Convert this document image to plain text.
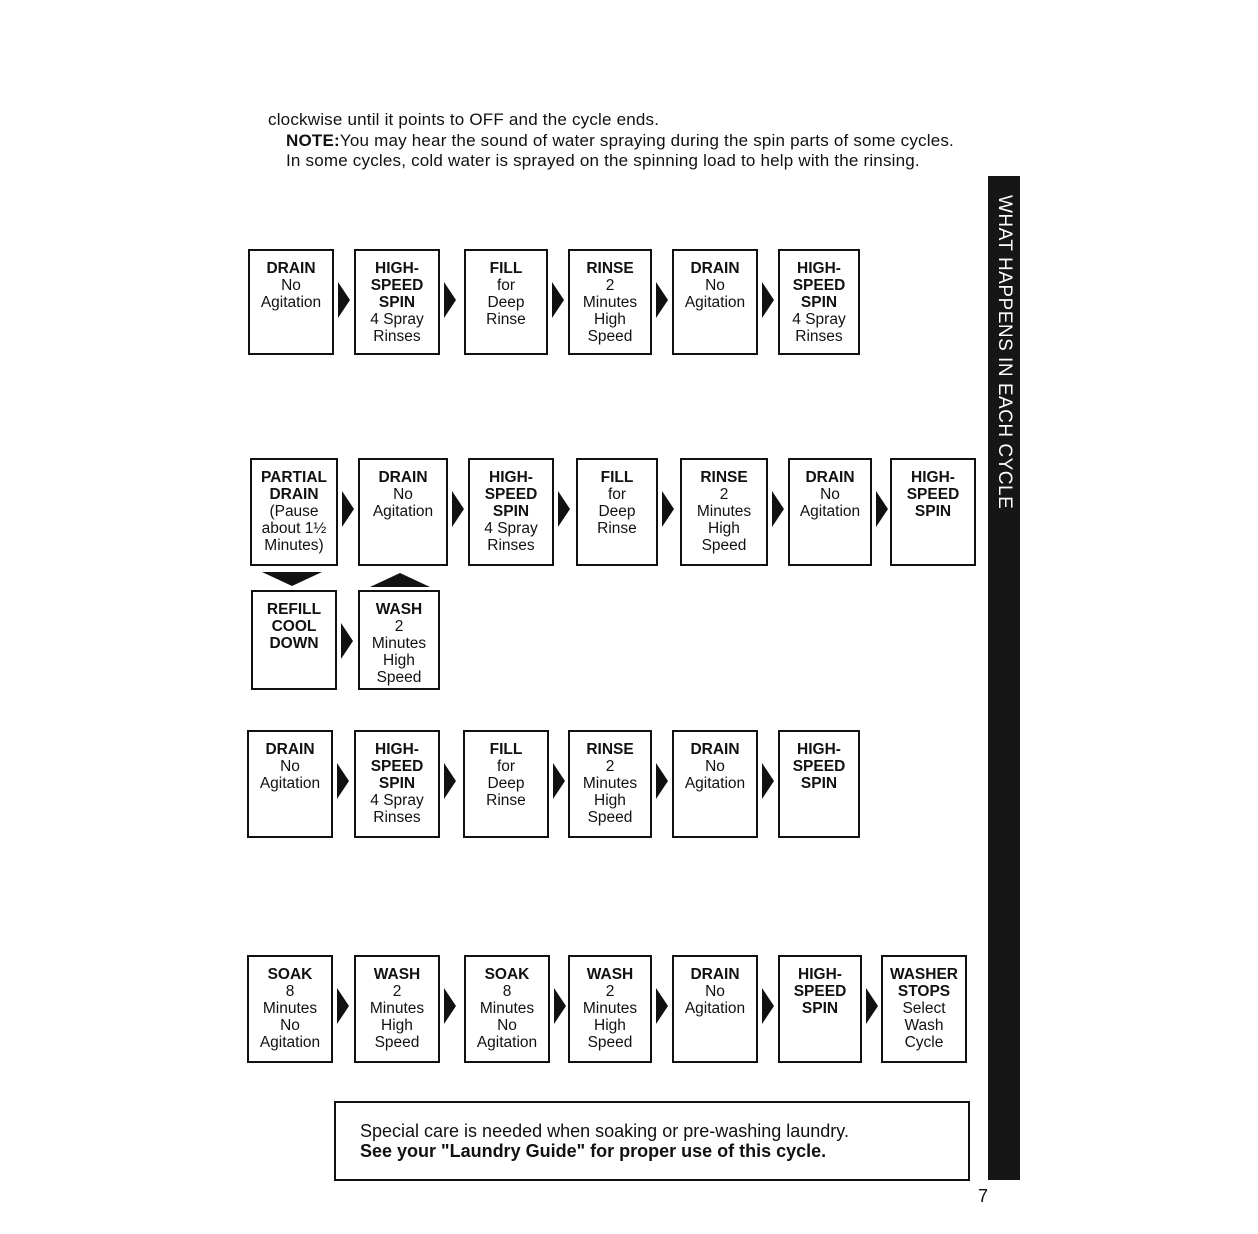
clockwise until it points to OFF and the cycle ends.

NOTE:You may hear the sound of water spraying during the spin parts of some cycles. In some cycles, cold water is sprayed on the spinning load to help with the rinsing.

WHAT HAPPENS IN EACH CYCLE
DRAIN
No
Agitation
HIGH-
SPEED
SPIN
4 Spray
Rinses
FILL
for
Deep
Rinse
RINSE
2
Minutes
High
Speed
DRAIN
No
Agitation
HIGH-
SPEED
SPIN
4 Spray
Rinses
PARTIAL
DRAIN
(Pause
about 1½
Minutes)
DRAIN
No
Agitation
HIGH-
SPEED
SPIN
4 Spray
Rinses
FILL
for
Deep
Rinse
RINSE
2
Minutes
High
Speed
DRAIN
No
Agitation
HIGH-
SPEED
SPIN
REFILL
COOL
DOWN
WASH
2
Minutes
High
Speed
DRAIN
No
Agitation
HIGH-
SPEED
SPIN
4 Spray
Rinses
FILL
for
Deep
Rinse
RINSE
2
Minutes
High
Speed
DRAIN
No
Agitation
HIGH-
SPEED
SPIN
SOAK
8
Minutes
No
Agitation
WASH
2
Minutes
High
Speed
SOAK
8
Minutes
No
Agitation
WASH
2
Minutes
High
Speed
DRAIN
No
Agitation
HIGH-
SPEED
SPIN
WASHER
STOPS
Select
Wash
Cycle
Special care is needed when soaking or pre-washing laundry.
See your "Laundry Guide" for proper use of this cycle.
7
